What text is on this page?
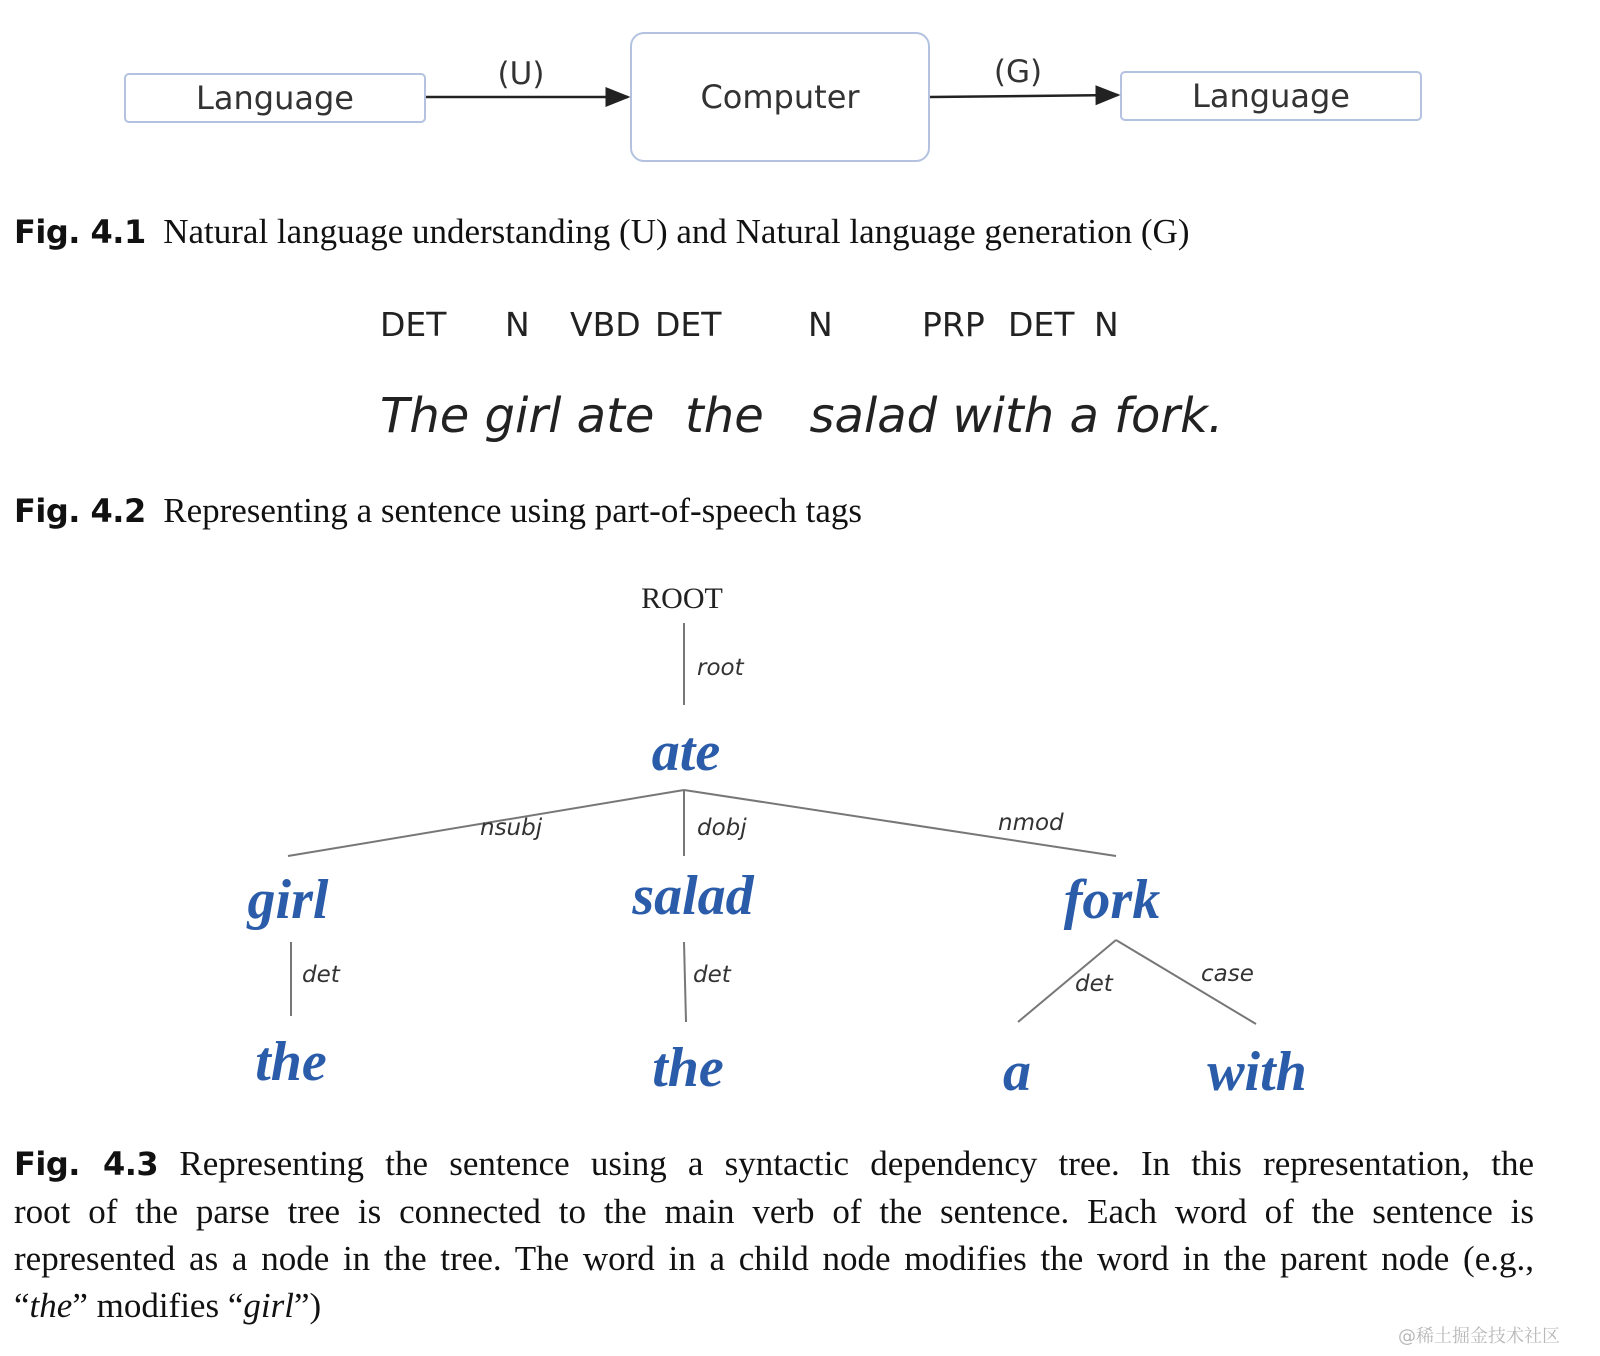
Language	Computer	Language
(U)	(G)
Fig. 4.1 Natural language understanding (U) and Natural language generation (G)
DET N VBD DET	N	PRP DET N
The girl ate  the   salad with a fork.
Fig. 4.2 Representing a sentence using part-of-speech tags
ROOT
root
nsubj	dobj	nmod
det	det	det	case
ate
girl	salad	fork
the	the	a	with
Fig. 4.3 Representing the sentence using a syntactic dependency tree. In this representation, the
root of the parse tree is connected to the main verb of the sentence. Each word of the sentence is
represented as a node in the tree. The word in a child node modifies the word in the parent node (e.g.,
“the” modifies “girl”)
@稀土掘金技术社区
